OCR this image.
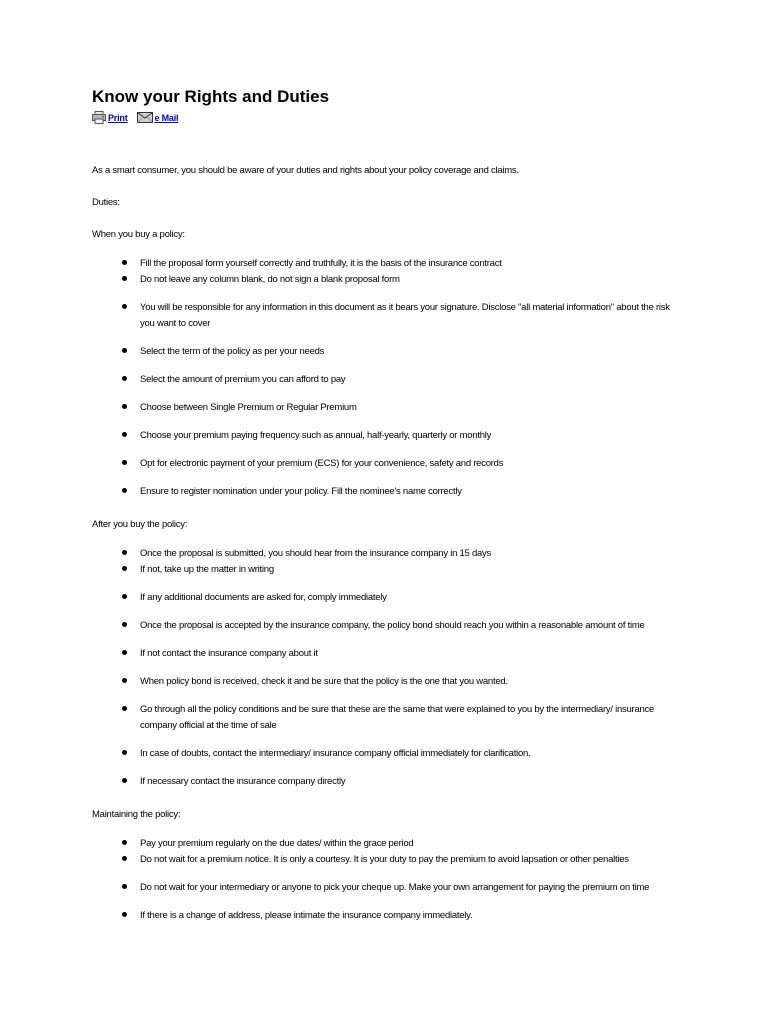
Know your Rights and Duties
Print	e Mail

As a smart consumer, you should be aware of your duties and rights about your policy coverage and claims.

Duties:

When you buy a policy:

Fill the proposal form yourself correctly and truthfully, it is the basis of the insurance contract
Do not leave any column blank, do not sign a blank proposal form
You will be responsible for any information in this document as it bears your signature. Disclose "all material information" about the risk you want to cover
Select the term of the policy as per your needs
Select the amount of premium you can afford to pay
Choose between Single Premium or Regular Premium
Choose your premium paying frequency such as annual, half-yearly, quarterly or monthly
Opt for electronic payment of your premium (ECS) for your convenience, safety and records
Ensure to register nomination under your policy. Fill the nominee's name correctly

After you buy the policy:

Once the proposal is submitted, you should hear from the insurance company in 15 days
If not, take up the matter in writing
If any additional documents are asked for, comply immediately
Once the proposal is accepted by the insurance company, the policy bond should reach you within a reasonable amount of time
If not contact the insurance company about it
When policy bond is received, check it and be sure that the policy is the one that you wanted.
Go through all the policy conditions and be sure that these are the same that were explained to you by the intermediary/ insurance company official at the time of sale
In case of doubts, contact the intermediary/ insurance company official immediately for clarification.
If necessary contact the insurance company directly

Maintaining the policy:

Pay your premium regularly on the due dates/ within the grace period
Do not wait for a premium notice. It is only a courtesy. It is your duty to pay the premium to avoid lapsation or other penalties
Do not wait for your intermediary or anyone to pick your cheque up. Make your own arrangement for paying the premium on time
If there is a change of address, please intimate the insurance company immediately.
